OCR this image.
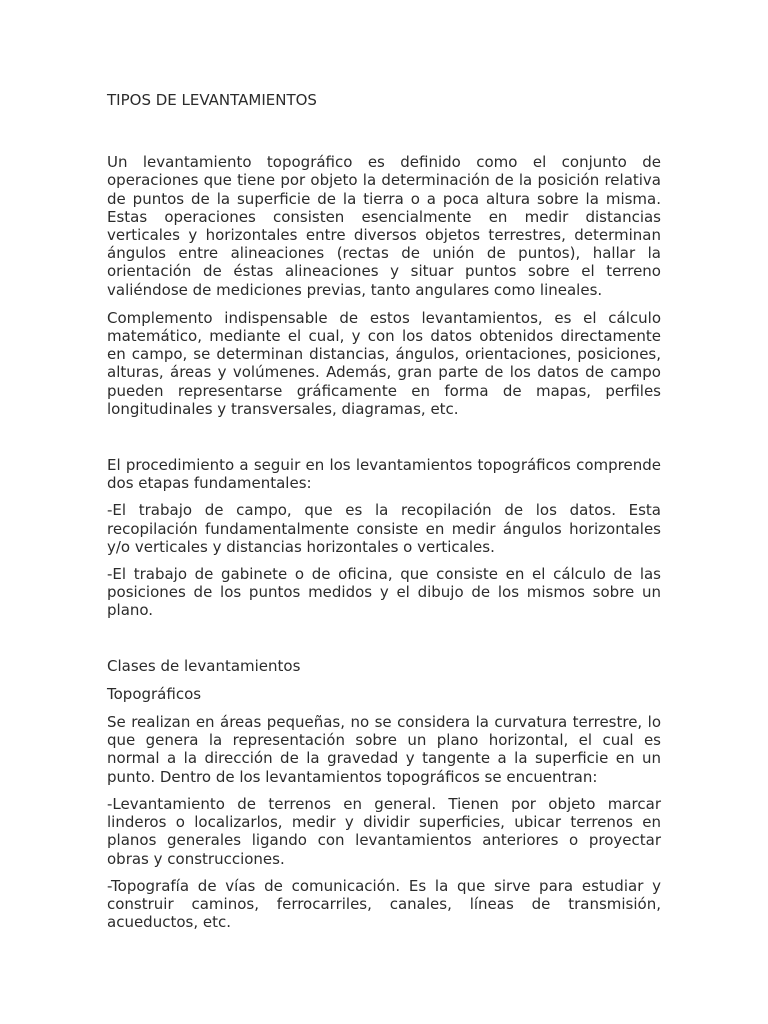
TIPOS DE LEVANTAMIENTOS

Un levantamiento topográfico es definido como el conjunto de operaciones que tiene por objeto la determinación de la posición relativa de puntos de la superficie de la tierra o a poca altura sobre la misma. Estas operaciones consisten esencialmente en medir distancias verticales y horizontales entre diversos objetos terrestres, determinan ángulos entre alineaciones (rectas de unión de puntos), hallar la orientación de éstas alineaciones y situar puntos sobre el terreno valiéndose de mediciones previas, tanto angulares como lineales.

Complemento indispensable de estos levantamientos, es el cálculo matemático, mediante el cual, y con los datos obtenidos directamente en campo, se determinan distancias, ángulos, orientaciones, posiciones, alturas, áreas y volúmenes. Además, gran parte de los datos de campo pueden representarse gráficamente en forma de mapas, perfiles longitudinales y transversales, diagramas, etc.

El procedimiento a seguir en los levantamientos topográficos comprende dos etapas fundamentales:

-El trabajo de campo, que es la recopilación de los datos. Esta recopilación fundamentalmente consiste en medir ángulos horizontales y/o verticales y distancias horizontales o verticales.

-El trabajo de gabinete o de oficina, que consiste en el cálculo de las posiciones de los puntos medidos y el dibujo de los mismos sobre un plano.

Clases de levantamientos

Topográficos

Se realizan en áreas pequeñas, no se considera la curvatura terrestre, lo que genera la representación sobre un plano horizontal, el cual es normal a la dirección de la gravedad y tangente a la superficie en un punto. Dentro de los levantamientos topográficos se encuentran:

-Levantamiento de terrenos en general. Tienen por objeto marcar linderos o localizarlos, medir y dividir superficies, ubicar terrenos en planos generales ligando con levantamientos anteriores o proyectar obras y construcciones.

-Topografía de vías de comunicación. Es la que sirve para estudiar y construir caminos, ferrocarriles, canales, líneas de transmisión, acueductos, etc.
